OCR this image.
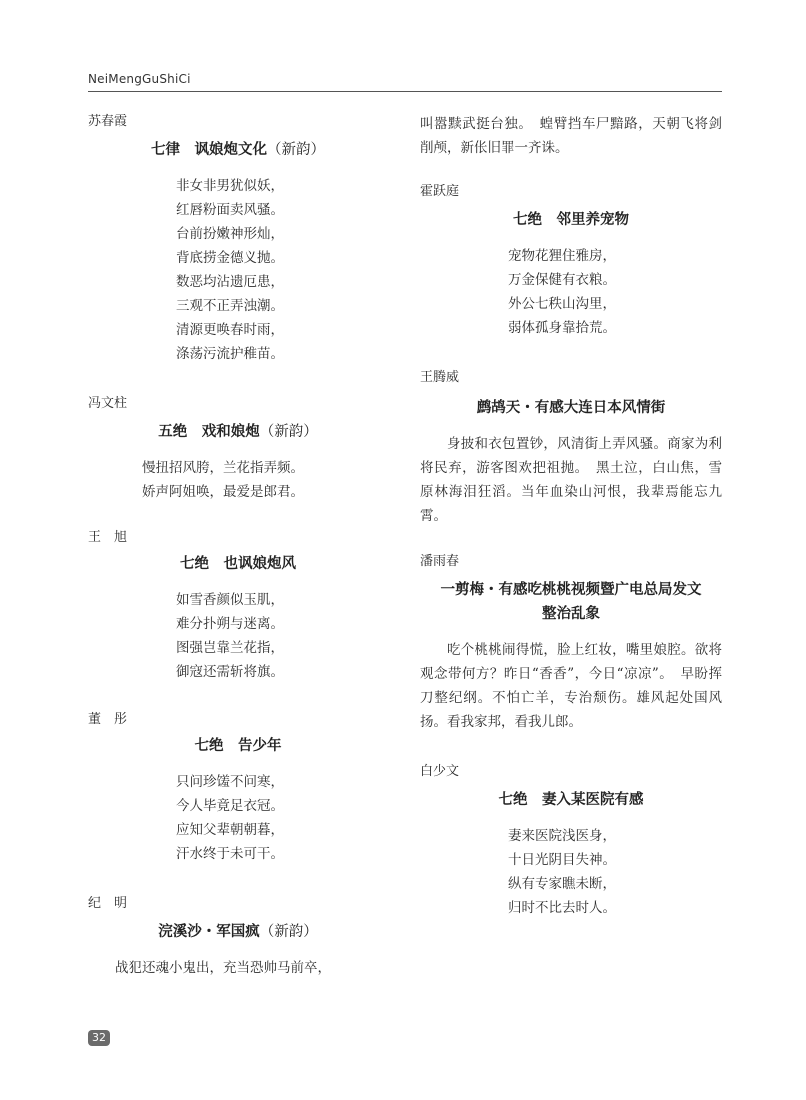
NeiMengGuShiCi
苏春霞
七律　讽娘炮文化（新韵）
非女非男犹似妖，
红唇粉面卖风骚。
台前扮嫩神形灿，
背底捞金德义抛。
数恶均沾遗厄患，
三观不正弄浊潮。
清源更唤春时雨，
涤荡污流护稚苗。
冯文柱
五绝　戏和娘炮（新韵）
慢扭招风胯，兰花指弄频。
娇声阿姐唤，最爱是郎君。
王　旭
七绝　也讽娘炮风
如雪香颜似玉肌，
难分扑朔与迷离。
图强岂靠兰花指，
御寇还需斩将旗。
董　彤
七绝　告少年
只问珍馐不问寒，
今人毕竟足衣冠。
应知父辈朝朝暮，
汗水终于未可干。
纪　明
浣溪沙・军国疯（新韵）
战犯还魂小鬼出，充当恐帅马前卒，
叫嚣黩武挺台独。　蝗臂挡车尸黯路，天朝飞将剑削颅，新伥旧罪一齐诛。
霍跃庭
七绝　邻里养宠物
宠物花狸住雅房，
万金保健有衣粮。
外公七秩山沟里，
弱体孤身靠拾荒。
王腾威
鹧鸪天・有感大连日本风情街
身披和衣包置钞，风清街上弄风骚。商家为利将民弃，游客图欢把祖抛。　黑土泣，白山焦，雪原林海泪狂滔。当年血染山河恨，我辈焉能忘九霄。
潘雨春
一剪梅・有感吃桃桃视频暨广电总局发文
整治乱象
吃个桃桃闹得慌，脸上红妆，嘴里娘腔。欲将观念带何方？昨日“香香”，今日“凉凉”。　早盼挥刀整纪纲。不怕亡羊，专治颓伤。雄风起处国风扬。看我家邦，看我儿郎。
白少文
七绝　妻入某医院有感
妻来医院浅医身，
十日光阴目失神。
纵有专家瞧未断，
归时不比去时人。
32
